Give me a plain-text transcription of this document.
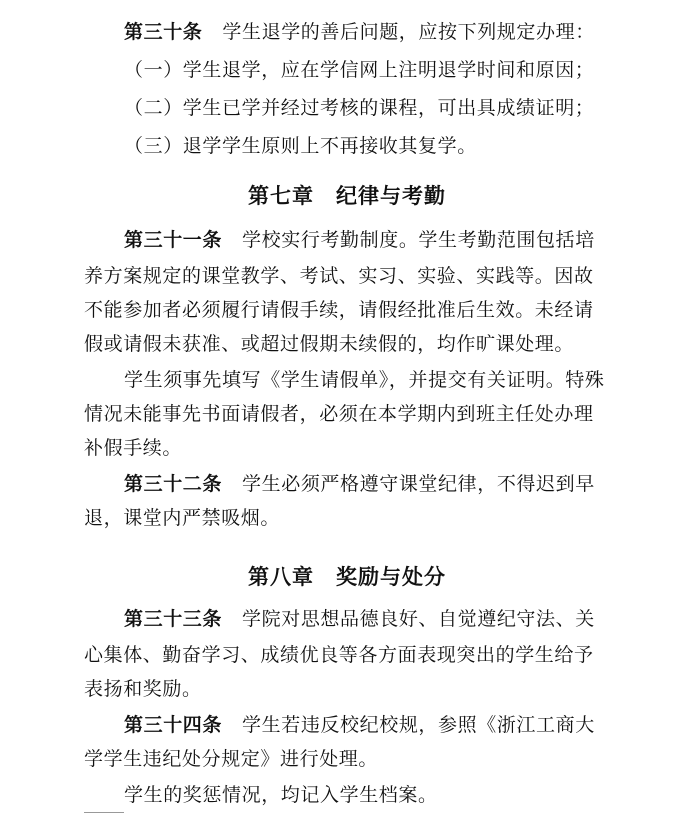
第三十条 学生退学的善后问题，应按下列规定办理：
（一）学生退学，应在学信网上注明退学时间和原因；
（二）学生已学并经过考核的课程，可出具成绩证明；
（三）退学学生原则上不再接收其复学。
第七章 纪律与考勤
第三十一条 学校实行考勤制度。学生考勤范围包括培
养方案规定的课堂教学、考试、实习、实验、实践等。因故
不能参加者必须履行请假手续，请假经批准后生效。未经请
假或请假未获准、或超过假期未续假的，均作旷课处理。
学生须事先填写《学生请假单》，并提交有关证明。特殊
情况未能事先书面请假者，必须在本学期内到班主任处办理
补假手续。
第三十二条 学生必须严格遵守课堂纪律，不得迟到早
退，课堂内严禁吸烟。
第八章 奖励与处分
第三十三条 学院对思想品德良好、自觉遵纪守法、关
心集体、勤奋学习、成绩优良等各方面表现突出的学生给予
表扬和奖励。
第三十四条 学生若违反校纪校规，参照《浙江工商大
学学生违纪处分规定》进行处理。
学生的奖惩情况，均记入学生档案。
